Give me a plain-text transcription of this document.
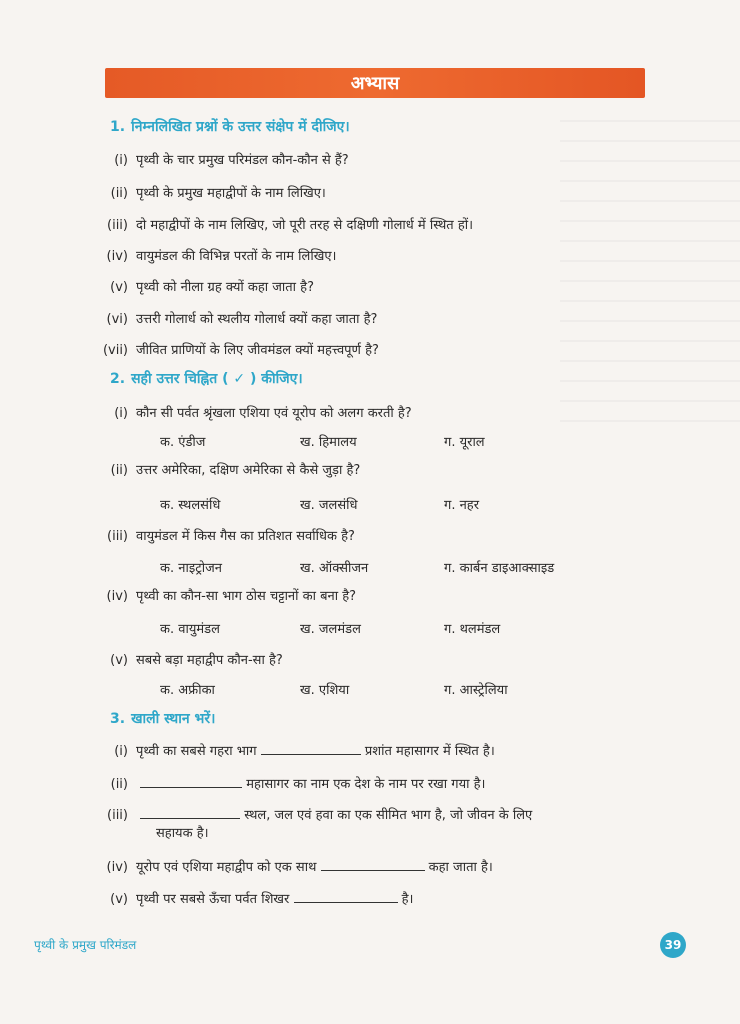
अभ्यास
1. निम्नलिखित प्रश्नों के उत्तर संक्षेप में दीजिए।
(i) पृथ्वी के चार प्रमुख परिमंडल कौन-कौन से हैं?
(ii) पृथ्वी के प्रमुख महाद्वीपों के नाम लिखिए।
(iii) दो महाद्वीपों के नाम लिखिए, जो पूरी तरह से दक्षिणी गोलार्ध में स्थित हों।
(iv) वायुमंडल की विभिन्न परतों के नाम लिखिए।
(v) पृथ्वी को नीला ग्रह क्यों कहा जाता है?
(vi) उत्तरी गोलार्ध को स्थलीय गोलार्ध क्यों कहा जाता है?
(vii) जीवित प्राणियों के लिए जीवमंडल क्यों महत्त्वपूर्ण है?
2. सही उत्तर चिह्नित ( ✓ ) कीजिए।
(i) कौन सी पर्वत श्रृंखला एशिया एवं यूरोप को अलग करती है?
क. एंडीज	ख. हिमालय	ग. यूराल
(ii) उत्तर अमेरिका, दक्षिण अमेरिका से कैसे जुड़ा है?
क. स्थलसंधि	ख. जलसंधि	ग. नहर
(iii) वायुमंडल में किस गैस का प्रतिशत सर्वाधिक है?
क. नाइट्रोजन	ख. ऑक्सीजन	ग. कार्बन डाइआक्साइड
(iv) पृथ्वी का कौन-सा भाग ठोस चट्टानों का बना है?
क. वायुमंडल	ख. जलमंडल	ग. थलमंडल
(v) सबसे बड़ा महाद्वीप कौन-सा है?
क. अफ्रीका	ख. एशिया	ग. आस्ट्रेलिया
3. खाली स्थान भरें।
(i) पृथ्वी का सबसे गहरा भाग	प्रशांत महासागर में स्थित है।
(ii)	महासागर का नाम एक देश के नाम पर रखा गया है।
(iii)	स्थल, जल एवं हवा का एक सीमित भाग है, जो जीवन के लिए
सहायक है।
(iv) यूरोप एवं एशिया महाद्वीप को एक साथ	कहा जाता है।
(v) पृथ्वी पर सबसे ऊँचा पर्वत शिखर	है।
पृथ्वी के प्रमुख परिमंडल	39
